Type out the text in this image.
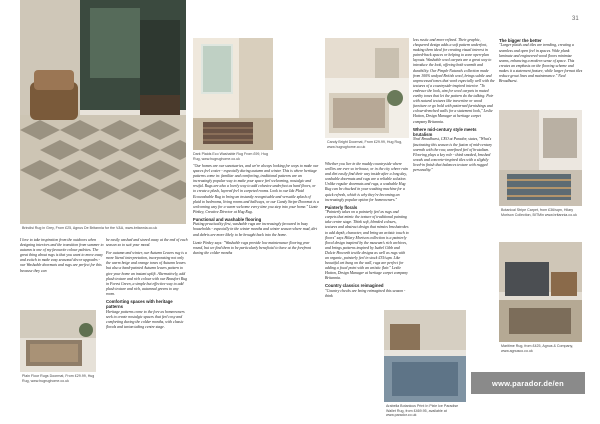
31
Brindisi Rug in Grey, From £25, Agnus De Britannia for the V&A, www.britannia.co.uk
Dark Plaids Eco Washable Rug From £99, Hug Rug, www.hugrughome.co.uk
Candy Bright Doormat, From £29.99, Hug Rug, www.hugrughome.co.uk
Botanical Stripe Carpet, from £36/sqm, Hilary Morison Collection, BITMin www.britannia.co.uk
Plain Floor Rugs Doormat, From £29.99, Hug Rug, www.hugrughome.co.uk
Maritime Rug, from £425, Agnus & Company, www.agnusco.co.uk
Arabella Botanicus Print In Pixie Ice Paradise Wallet Rug, from £469.95, available at www.parador.co.uk

I love to take inspiration from the outdoors when designing interiors and the transition from summer to autumn is one of my favourite colour palettes. The great thing about rugs is that you want to move away and switch to make easy seasonal decor upgrades - our Washable doormats and rugs are perfect for this because they can

be easily washed and stored away at the end of each season so to suit your mood.

For autumn and winter, our Autumn Leaves rug is a more literal interpretation, incorporating not only the warm beige and orange tones of Autumn leaves but also a hand-painted Autumn leaves pattern to give your home an instant uplift. Alternatively, add plush texture and rich colour with our Beaufort Rug in Forest Green, a simple but effective way to add plush texture and rich, autumnal greens to any room.

Comforting spaces with heritage patterns

Heritage patterns come to the fore as homeowners seek to create nostalgic spaces that feel cosy and comforting during the colder months, with classic florals and tartan taking centre stage.

"Our homes are our sanctuaries, and we're always looking for ways to make our spaces feel cosier - especially during autumn and winter. This is where heritage patterns come in: familiar and comforting, traditional patterns are an increasingly popular way to make your space feel welcoming, nostalgic and restful. Rugs are also a lovely way to add cohesive underfoot as hard floors, or to create a plush, layered feel in carpeted rooms. Look to our Ida Plaid Ecowashable Rug to bring an instantly recognisable and versatile splash of plaid to bedrooms, living rooms and hallways, or our Candy Stripe Doormat is a welcoming way for a warm welcome every time you step into your home." Lizzie Pinkey, Creative Director at Hug Rug.

Functional and washable flooring

Putting practicality first, washable rugs are increasingly favoured in busy households - especially in the winter months and winter season where mud, dirt and debris are more likely to be brought back into the home.

Lizzie Pinkey says: "Washable rugs provide low maintenance flooring year round, but we find them to be particularly beneficial to have at the forefront during the colder months

Whether you live in the muddy countryside where wellies are ever so in-house, or in the city where rain and dirt easily find their way inside after a long day, washable doormats and rugs are a reliable solution. Unlike regular doormats and rugs, a washable Hug Rug can be chucked in your washing machine for a quick refresh, which is why they're becoming an increasingly popular option for homeowners."

Painterly florals

"Painterly takes on a painterly feel as rugs and carpets that mimic the texture of traditional painting take centre stage. Think soft, blended colours, textures and abstract design that mimics brushstrokes to add depth, character, and bring an artistic touch to floors" says Hilary Morison collection is a painterly floral design inspired by the museum's rich archives, and brings patterns inspired by Isabel Gibb and Dulcie Howorth textile designs as well as rugs with an organic, painterly feel in stock £35/sqm. Like beautiful art hung on the wall, rugs are perfect for adding a focal point with an artistic flair." Leslie Hatton, Design Manager at heritage carpet company Britannia.

Country classics reimagined

"Country checks are being reimagined this season - think

less rustic and more refined. Their graphic, chequered design adds a soft pattern underfoot, making them ideal for creating visual interest in paired-back spaces or helping to zone open-plan layouts. Washable wool carpets are a great way to introduce the look, offering both warmth and durability. Our Pimple Naturals collection made from 100% undyed British wool, brings subtle and unprocessed tones that work especially well with the textures of a countryside-inspired interior. "To embrace the look, aim for wool carpets in muted earthy tones that let the pattern do the talking. Pair with natural textures like travertine or wood furniture or go bold with patterned furnishings and colour-drenched walls for a statement look," Leslie Hatton, Design Manager at heritage carpet company Britannia.

Where mid-century style meets brutalism

Neal Broadhurst, CEO at Parador, states, "What's fascinating this season is the fusion of mid-century warmth with the raw, unrefined feel of brutalism. Flooring plays a key role - think smoked, brushed woods and concrete-inspired tiles with a slightly lived-in finish that balances texture with rugged personality."

The bigger the better

"Larger plaids and tiles are trending, creating a seamless and open feel in spaces. Wide plank laminate and engineered wood floors minimise seams, enhancing a modern sense of space. This creates an emphasis on the flooring scheme and makes it a statement feature, while larger format tiles reduce grout lines and maintenance." Neal Broadhurst.

www.parador.de/en
